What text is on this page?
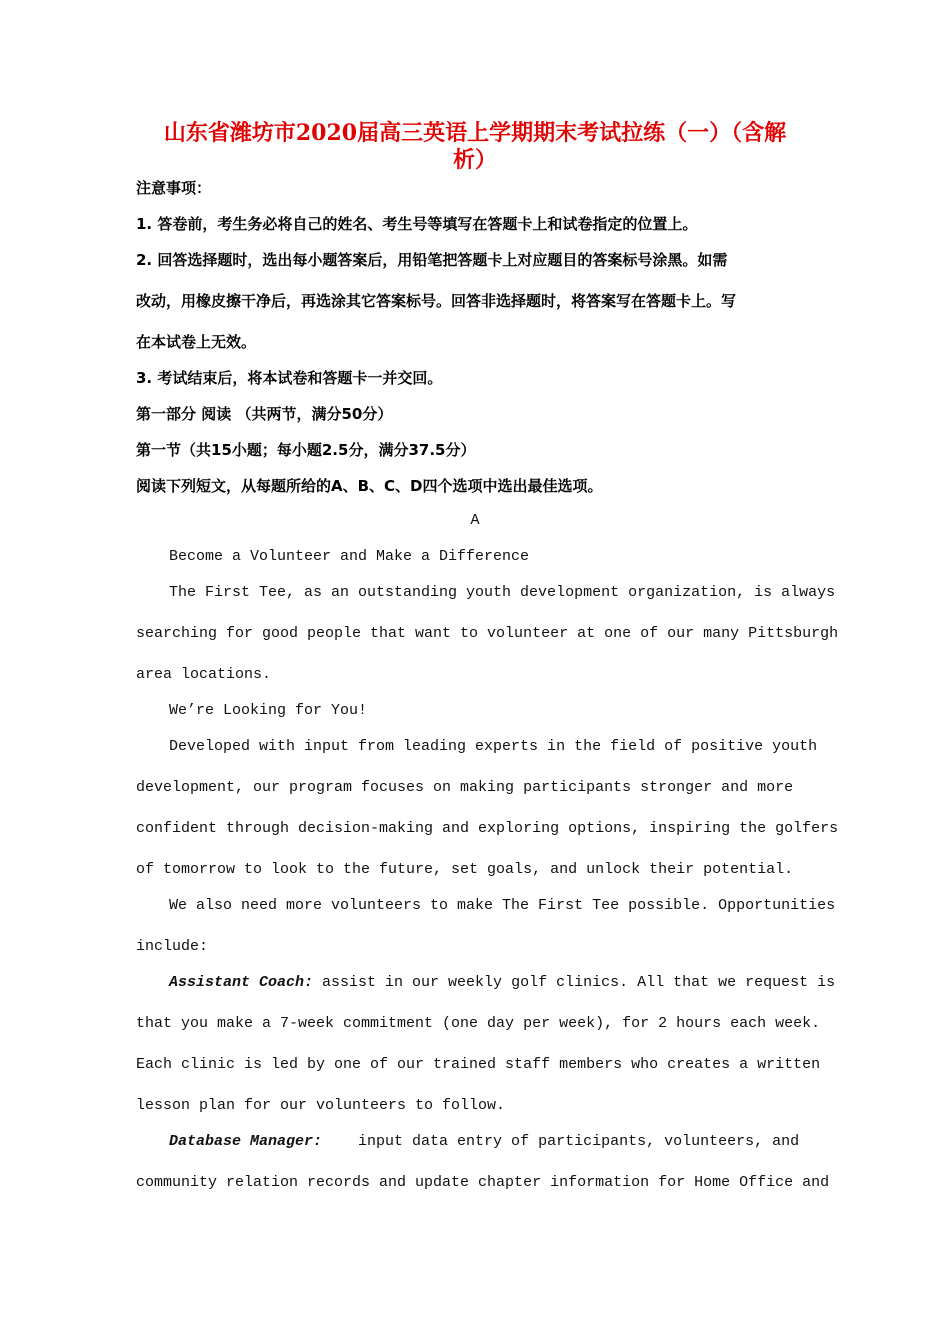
山东省潍坊市2020届高三英语上学期期末考试拉练（一）（含解
析）
注意事项：
1. 答卷前，考生务必将自己的姓名、考生号等填写在答题卡上和试卷指定的位置上。
2. 回答选择题时，选出每小题答案后，用铅笔把答题卡上对应题目的答案标号涂黑。如需
改动，用橡皮擦干净后，再选涂其它答案标号。回答非选择题时，将答案写在答题卡上。写
在本试卷上无效。
3. 考试结束后，将本试卷和答题卡一并交回。
第一部分 阅读 （共两节，满分50分）
第一节（共15小题；每小题2.5分，满分37.5分）
阅读下列短文，从每题所给的A、B、C、D四个选项中选出最佳选项。
A
Become a Volunteer and Make a Difference
The First Tee, as an outstanding youth development organization, is always
searching for good people that want to volunteer at one of our many Pittsburgh
area locations.
We’re Looking for You!
Developed with input from leading experts in the field of positive youth
development, our program focuses on making participants stronger and more
confident through decision-making and exploring options, inspiring the golfers
of tomorrow to look to the future, set goals, and unlock their potential.
We also need more volunteers to make The First Tee possible. Opportunities
include:
Assistant Coach: assist in our weekly golf clinics. All that we request is
that you make a 7-week commitment (one day per week), for 2 hours each week.
Each clinic is led by one of our trained staff members who creates a written
lesson plan for our volunteers to follow.
Database Manager:    input data entry of participants, volunteers, and
community relation records and update chapter information for Home Office and
